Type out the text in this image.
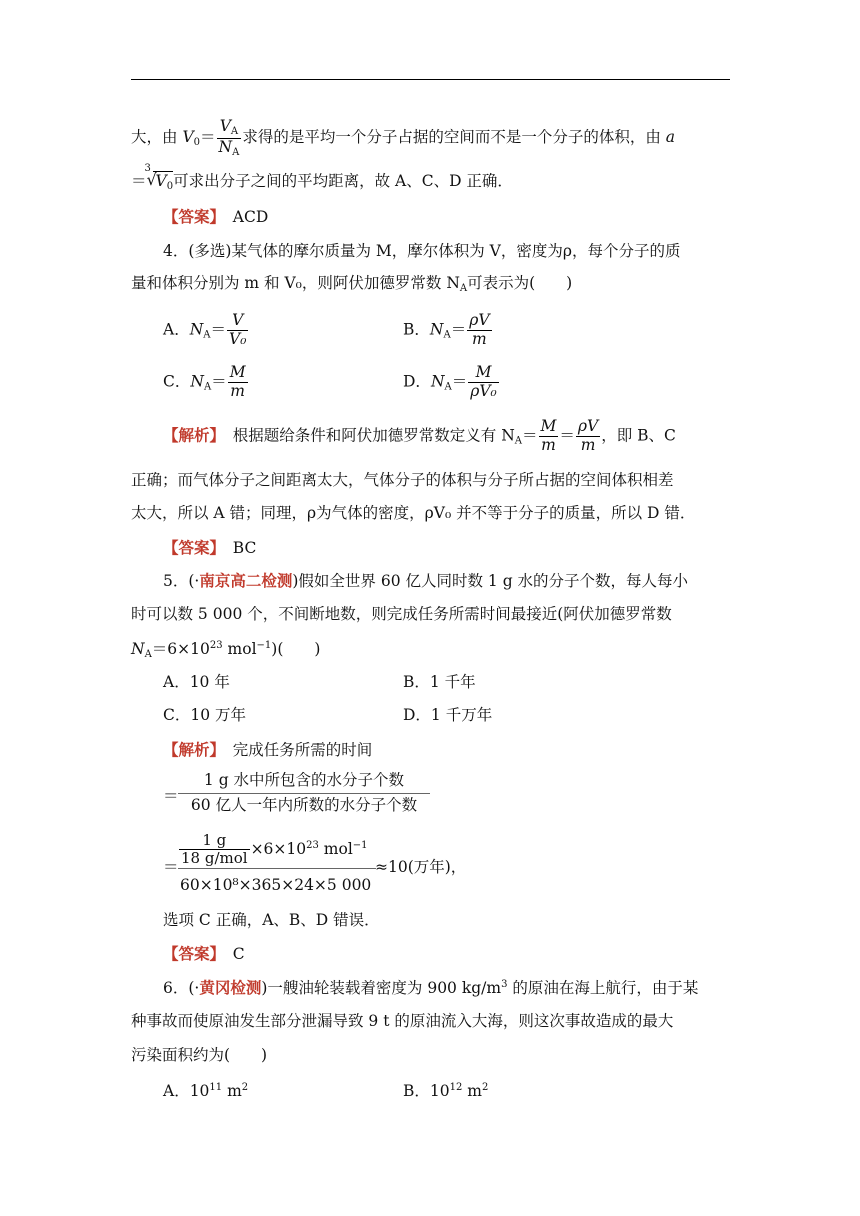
大，由 $V_0= \frac{V_A}{N_A}$ 求得的是平均一个分子占据的空间而不是一个分子的体积，由 a
＝
3
√
$V_0$可求出分子之间的平均距离，故 A、C、D 正确．
【答案】　 ACD
4．(多选)某气体的摩尔质量为 M，摩尔体积为 V，密度为ρ，每个分子的质
量和体积分别为 m 和 V₀，则阿伏加德罗常数 $N_A$可表示为(　　)
A．$N_A= \frac{V}{\text{V₀}}$	B．$N_A= \frac{\rho V}{m}$
C．$N_A= \frac{M}{m}$	D．$N_A= \frac{M}{\text{ρV₀}}$
【解析】　根据题给条件和阿伏加德罗常数定义有 $N_A= \frac{M}{m} = \frac{\rho V}{m}$ ，即 B、C
正确；而气体分子之间距离太大，气体分子的体积与分子所占据的空间体积相差
太大，所以 A 错；同理，ρ为气体的密度，ρV₀ 并不等于分子的质量，所以 D 错．
【答案】　 BC
5．(·南京高二检测)假如全世界 60 亿人同时数 1 g 水的分子个数，每人每小
时可以数 5 000 个，不间断地数，则完成任务所需时间最接近(阿伏加德罗常数
$N_A=6\times 10^{23}$ mol$^{-1}$)(　　)
A．10 年	B．1 千年
C．10 万年	D．1 千万年
【解析】　完成任务所需的时间
＝
1 g 水中所包含的水分子个数
60 亿人一年内所数的水分子个数
＝ $\frac{1 g}{\text{18 g/mol}} \times 6\times 10^{23}$ mol$^{-1}$
60×10⁸×365×24×5 000
≈10(万年)，
选项 C 正确，A、B、D 错误．
【答案】　 C
6．(·黄冈检测)一艘油轮装载着密度为 900 $kg/m^3$ 的原油在海上航行，由于某
种事故而使原油发生部分泄漏导致 9 t 的原油流入大海，则这次事故造成的最大
污染面积约为(　　)
A．$10^{11}$ $m^2$	B．$10^{12}$ $m^2$
